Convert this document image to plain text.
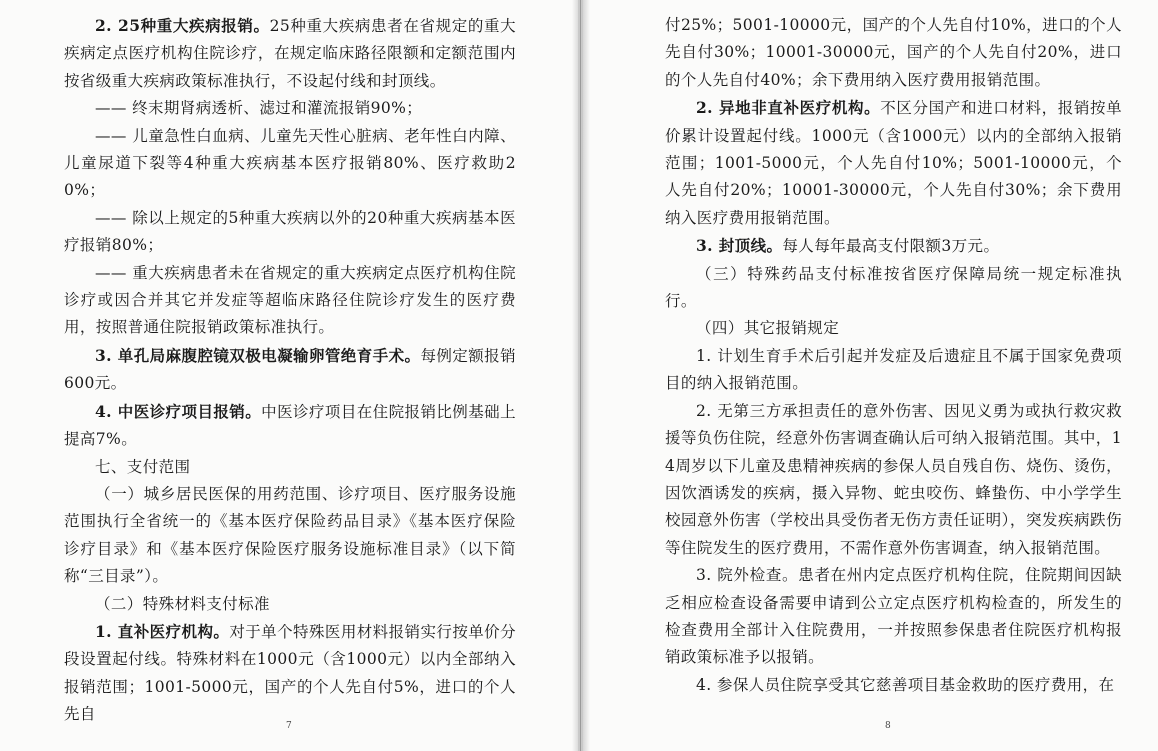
2. 25种重大疾病报销。25种重大疾病患者在省规定的重大疾病定点医疗机构住院诊疗，在规定临床路径限额和定额范围内按省级重大疾病政策标准执行，不设起付线和封顶线。

—— 终末期肾病透析、滤过和灌流报销90%；

—— 儿童急性白血病、儿童先天性心脏病、老年性白内障、儿童尿道下裂等4种重大疾病基本医疗报销80%、医疗救助20%；

—— 除以上规定的5种重大疾病以外的20种重大疾病基本医疗报销80%；

—— 重大疾病患者未在省规定的重大疾病定点医疗机构住院诊疗或因合并其它并发症等超临床路径住院诊疗发生的医疗费用，按照普通住院报销政策标准执行。

3. 单孔局麻腹腔镜双极电凝输卵管绝育手术。每例定额报销600元。

4. 中医诊疗项目报销。中医诊疗项目在住院报销比例基础上提高7%。

七、支付范围

（一）城乡居民医保的用药范围、诊疗项目、医疗服务设施范围执行全省统一的《基本医疗保险药品目录》《基本医疗保险诊疗目录》和《基本医疗保险医疗服务设施标准目录》（以下简称“三目录”）。

（二）特殊材料支付标准

1. 直补医疗机构。对于单个特殊医用材料报销实行按单价分段设置起付线。特殊材料在1000元（含1000元）以内全部纳入报销范围；1001-5000元，国产的个人先自付5%，进口的个人先自

7

付25%；5001-10000元，国产的个人先自付10%，进口的个人先自付30%；10001-30000元，国产的个人先自付20%，进口的个人先自付40%；余下费用纳入医疗费用报销范围。

2. 异地非直补医疗机构。不区分国产和进口材料，报销按单价累计设置起付线。1000元（含1000元）以内的全部纳入报销范围；1001-5000元，个人先自付10%；5001-10000元，个人先自付20%；10001-30000元，个人先自付30%；余下费用纳入医疗费用报销范围。

3. 封顶线。每人每年最高支付限额3万元。

（三）特殊药品支付标准按省医疗保障局统一规定标准执行。

（四）其它报销规定

1. 计划生育手术后引起并发症及后遗症且不属于国家免费项目的纳入报销范围。

2. 无第三方承担责任的意外伤害、因见义勇为或执行救灾救援等负伤住院，经意外伤害调查确认后可纳入报销范围。其中，14周岁以下儿童及患精神疾病的参保人员自残自伤、烧伤、烫伤，因饮酒诱发的疾病，摄入异物、蛇虫咬伤、蜂蛰伤、中小学学生校园意外伤害（学校出具受伤者无伤方责任证明），突发疾病跌伤等住院发生的医疗费用，不需作意外伤害调查，纳入报销范围。

3. 院外检查。患者在州内定点医疗机构住院，住院期间因缺乏相应检查设备需要申请到公立定点医疗机构检查的，所发生的检查费用全部计入住院费用，一并按照参保患者住院医疗机构报销政策标准予以报销。

4. 参保人员住院享受其它慈善项目基金救助的医疗费用，在

8
